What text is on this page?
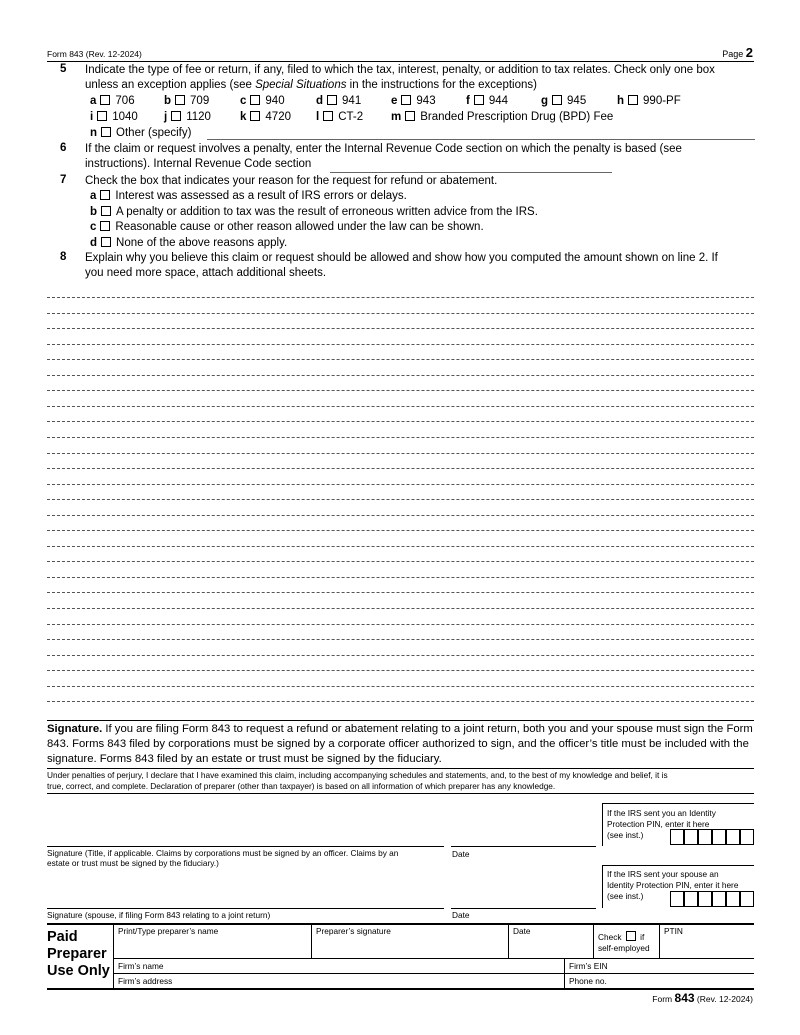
Form 843 (Rev. 12-2024)	Page 2
5 Indicate the type of fee or return, if any, filed to which the tax, interest, penalty, or addition to tax relates. Check only one box
unless an exception applies (see Special Situations in the instructions for the exceptions)
a 706	b 709	c 940	d 941	e 943	f 944	g 945	h 990-PF
i 1040 j 1120	k 4720 l CT-2 m Branded Prescription Drug (BPD) Fee
n Other (specify)
6 If the claim or request involves a penalty, enter the Internal Revenue Code section on which the penalty is based (see
instructions). Internal Revenue Code section
7 Check the box that indicates your reason for the request for refund or abatement.
a Interest was assessed as a result of IRS errors or delays.
b A penalty or addition to tax was the result of erroneous written advice from the IRS.
c Reasonable cause or other reason allowed under the law can be shown.
d None of the above reasons apply.
8 Explain why you believe this claim or request should be allowed and show how you computed the amount shown on line 2. If
you need more space, attach additional sheets.
Signature. If you are filing Form 843 to request a refund or abatement relating to a joint return, both you and your spouse must sign the Form
843. Forms 843 filed by corporations must be signed by a corporate officer authorized to sign, and the officer’s title must be included with the
signature. Forms 843 filed by an estate or trust must be signed by the fiduciary.
Under penalties of perjury, I declare that I have examined this claim, including accompanying schedules and statements, and, to the best of my knowledge and belief, it is
true, correct, and complete. Declaration of preparer (other than taxpayer) is based on all information of which preparer has any knowledge.
If the IRS sent you an Identity
Protection PIN, enter it here
(see inst.)
Signature (Title, if applicable. Claims by corporations must be signed by an officer. Claims by an
estate or trust must be signed by the fiduciary.)
Date
If the IRS sent your spouse an
Identity Protection PIN, enter it here
(see inst.)
Signature (spouse, if filing Form 843 relating to a joint return)	Date
Paid
Preparer
Use Only
Print/Type preparer’s name	Preparer’s signature	Date
Check if
self-employed
PTIN
Firm’s name	Firm’s EIN
Firm’s address	Phone no.
Form 843 (Rev. 12-2024)
